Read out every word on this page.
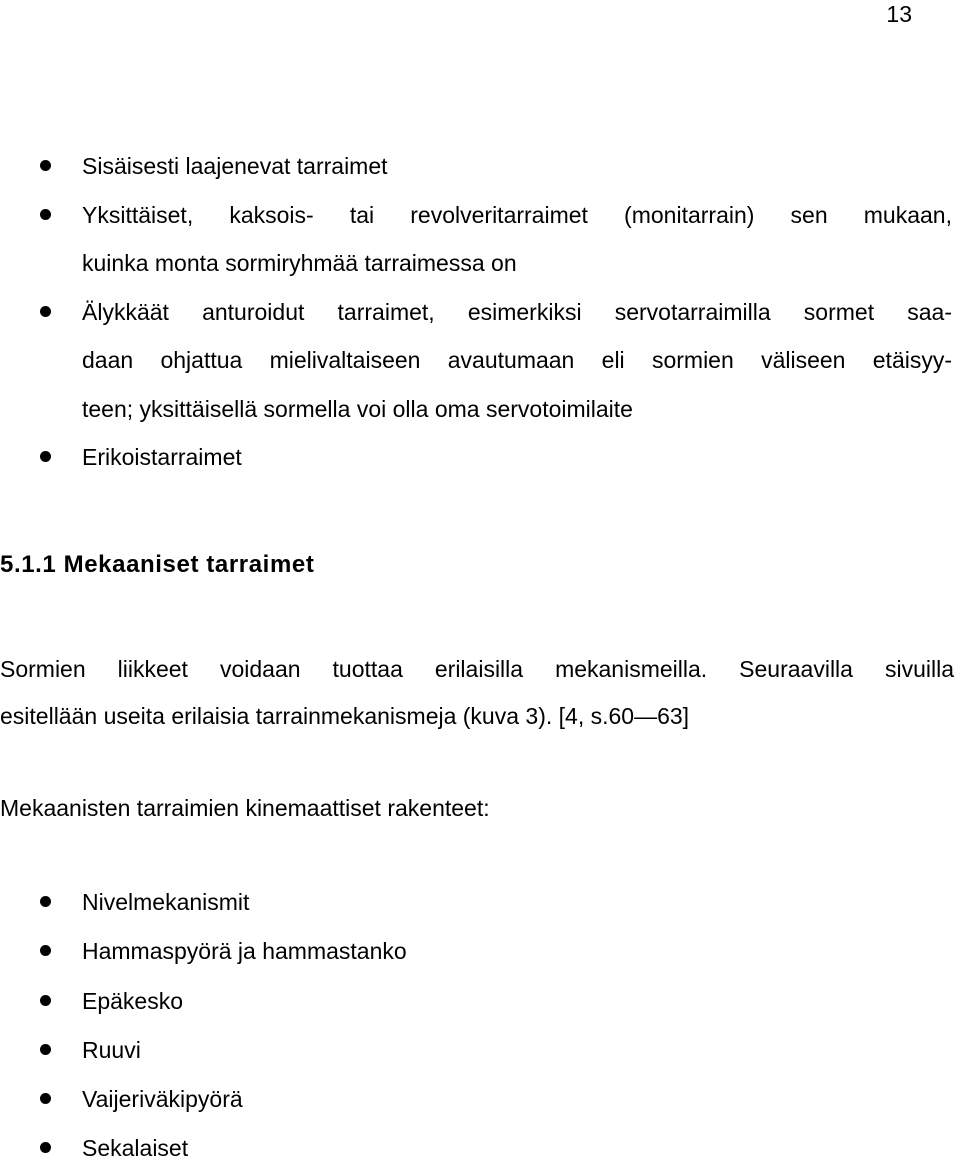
13
Sisäisesti laajenevat tarraimet
Yksittäiset, kaksois- tai revolveritarraimet (monitarrain) sen mukaan,
kuinka monta sormiryhmää tarraimessa on
Älykkäät anturoidut tarraimet, esimerkiksi servotarraimilla sormet saa-
daan ohjattua mielivaltaiseen avautumaan eli sormien väliseen etäisyy-
teen; yksittäisellä sormella voi olla oma servotoimilaite
Erikoistarraimet
5.1.1 Mekaaniset tarraimet
Sormien liikkeet voidaan tuottaa erilaisilla mekanismeilla. Seuraavilla sivuilla
esitellään useita erilaisia tarrainmekanismeja (kuva 3). [4, s.60—63]
Mekaanisten tarraimien kinemaattiset rakenteet:
Nivelmekanismit
Hammaspyörä ja hammastanko
Epäkesko
Ruuvi
Vaijeriväkipyörä
Sekalaiset
